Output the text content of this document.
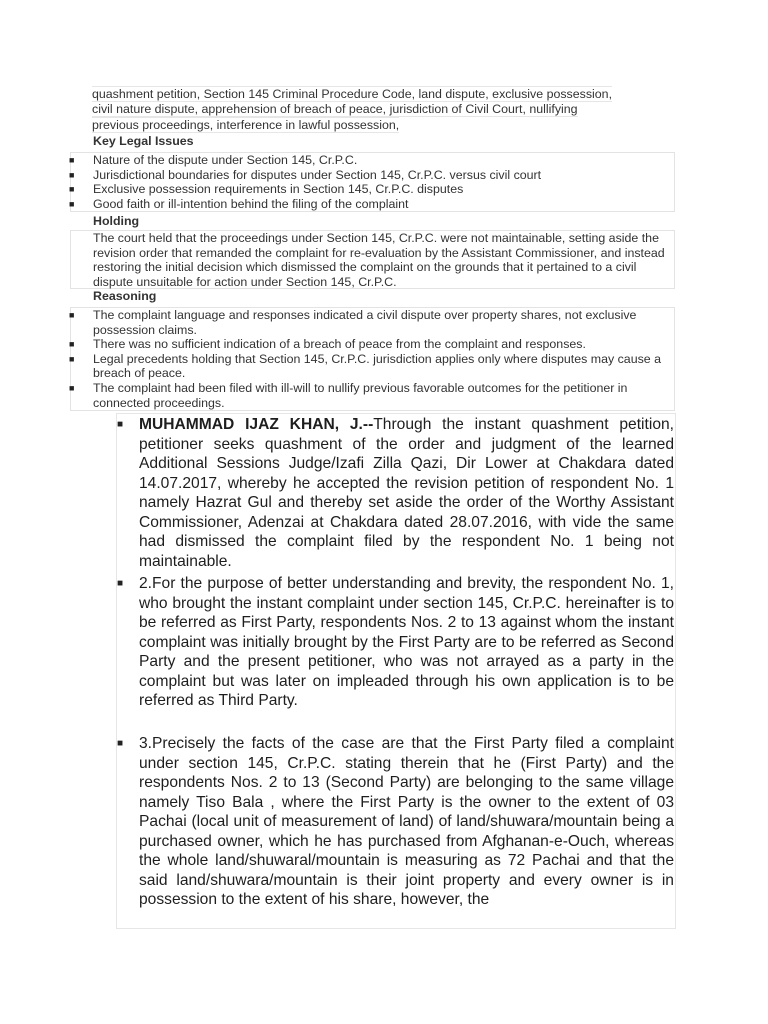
quashment petition, Section 145 Criminal Procedure Code, land dispute, exclusive possession, civil nature dispute, apprehension of breach of peace, jurisdiction of Civil Court, nullifying previous proceedings, interference in lawful possession,
Key Legal Issues
■ Nature of the dispute under Section 145, Cr.P.C.
■ Jurisdictional boundaries for disputes under Section 145, Cr.P.C. versus civil court
■ Exclusive possession requirements in Section 145, Cr.P.C. disputes
■ Good faith or ill-intention behind the filing of the complaint
Holding
The court held that the proceedings under Section 145, Cr.P.C. were not maintainable, setting aside the revision order that remanded the complaint for re-evaluation by the Assistant Commissioner, and instead restoring the initial decision which dismissed the complaint on the grounds that it pertained to a civil dispute unsuitable for action under Section 145, Cr.P.C.
Reasoning
■ The complaint language and responses indicated a civil dispute over property shares, not exclusive possession claims.
■ There was no sufficient indication of a breach of peace from the complaint and responses.
■ Legal precedents holding that Section 145, Cr.P.C. jurisdiction applies only where disputes may cause a breach of peace.
■ The complaint had been filed with ill-will to nullify previous favorable outcomes for the petitioner in connected proceedings.
■ MUHAMMAD IJAZ KHAN, J.--Through the instant quashment petition, petitioner seeks quashment of the order and judgment of the learned Additional Sessions Judge/Izafi Zilla Qazi, Dir Lower at Chakdara dated 14.07.2017, whereby he accepted the revision petition of respondent No. 1 namely Hazrat Gul and thereby set aside the order of the Worthy Assistant Commissioner, Adenzai at Chakdara dated 28.07.2016, with vide the same had dismissed the complaint filed by the respondent No. 1 being not maintainable.
■ 2.For the purpose of better understanding and brevity, the respondent No. 1, who brought the instant complaint under section 145, Cr.P.C. hereinafter is to be referred as First Party, respondents Nos. 2 to 13 against whom the instant complaint was initially brought by the First Party are to be referred as Second Party and the present petitioner, who was not arrayed as a party in the complaint but was later on impleaded through his own application is to be referred as Third Party.
■ 3.Precisely the facts of the case are that the First Party filed a complaint under section 145, Cr.P.C. stating therein that he (First Party) and the respondents Nos. 2 to 13 (Second Party) are belonging to the same village namely Tiso Bala , where the First Party is the owner to the extent of 03 Pachai (local unit of measurement of land) of land/shuwara/mountain being a purchased owner, which he has purchased from Afghanan-e-Ouch, whereas the whole land/shuwaral/mountain is measuring as 72 Pachai and that the said land/shuwara/mountain is their joint property and every owner is in possession to the extent of his share, however, the
